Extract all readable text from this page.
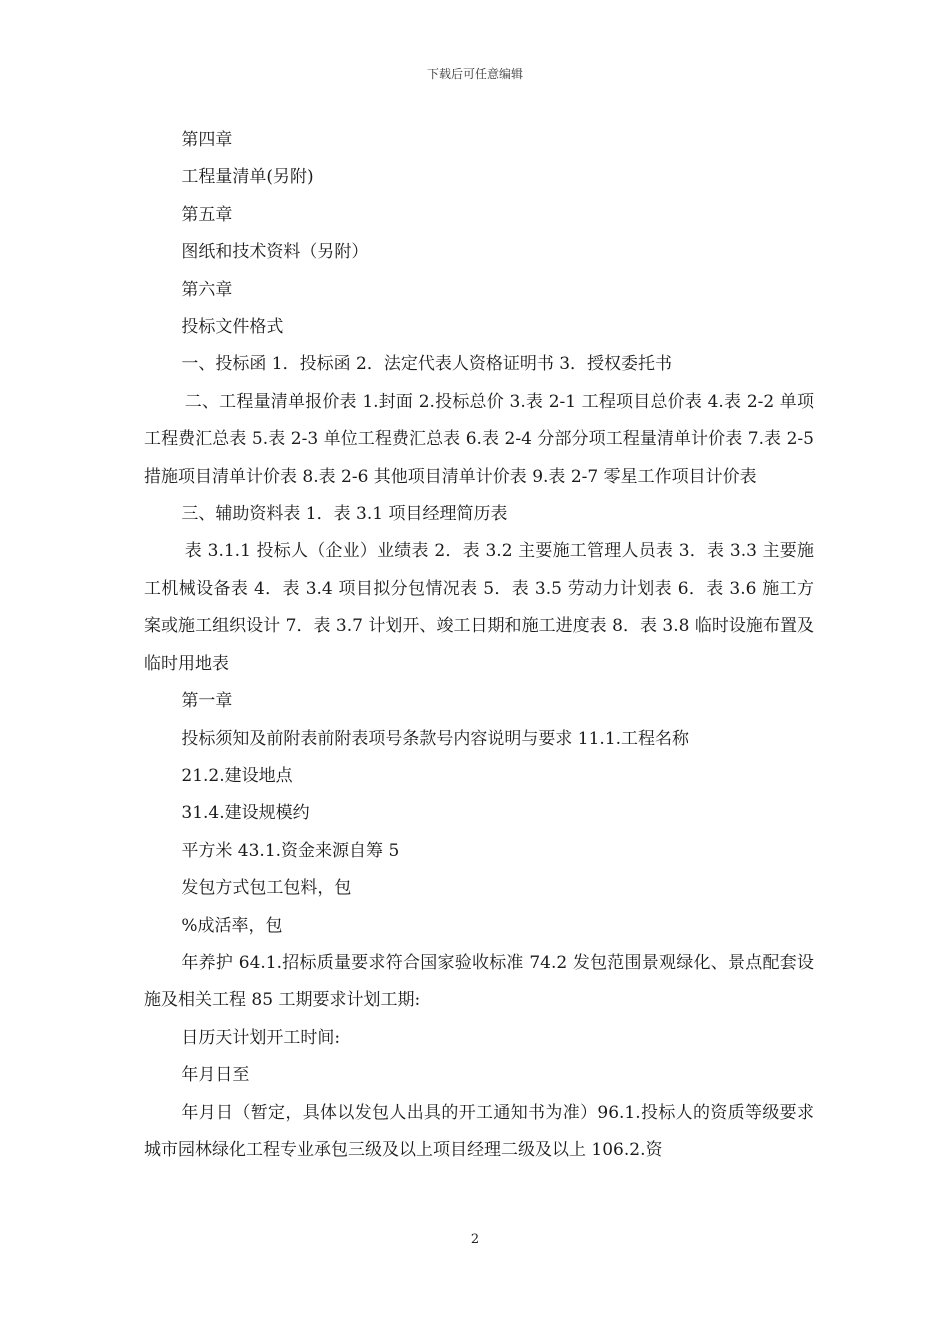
下载后可任意编辑

第四章

工程量清单(另附)

第五章

图纸和技术资料（另附）

第六章

投标文件格式

一、投标函 1．投标函 2．法定代表人资格证明书 3．授权委托书

二、工程量清单报价表 1.封面 2.投标总价 3.表 2-1 工程项目总价表 4.表 2-2 单项工程费汇总表 5.表 2-3 单位工程费汇总表 6.表 2-4 分部分项工程量清单计价表 7.表 2-5 措施项目清单计价表 8.表 2-6 其他项目清单计价表 9.表 2-7 零星工作项目计价表

三、辅助资料表 1．表 3.1 项目经理简历表

表 3.1.1 投标人（企业）业绩表 2．表 3.2 主要施工管理人员表 3．表 3.3 主要施工机械设备表 4．表 3.4 项目拟分包情况表 5．表 3.5 劳动力计划表 6．表 3.6 施工方案或施工组织设计 7．表 3.7 计划开、竣工日期和施工进度表 8．表 3.8 临时设施布置及临时用地表

第一章

投标须知及前附表前附表项号条款号内容说明与要求 11.1.工程名称

21.2.建设地点

31.4.建设规模约

平方米 43.1.资金来源自筹 5

发包方式包工包料，包

%成活率，包

年养护 64.1.招标质量要求符合国家验收标准 74.2 发包范围景观绿化、景点配套设施及相关工程 85 工期要求计划工期:

日历天计划开工时间:

年月日至

年月日（暂定，具体以发包人出具的开工通知书为准）96.1.投标人的资质等级要求城市园林绿化工程专业承包三级及以上项目经理二级及以上 106.2.资

2
